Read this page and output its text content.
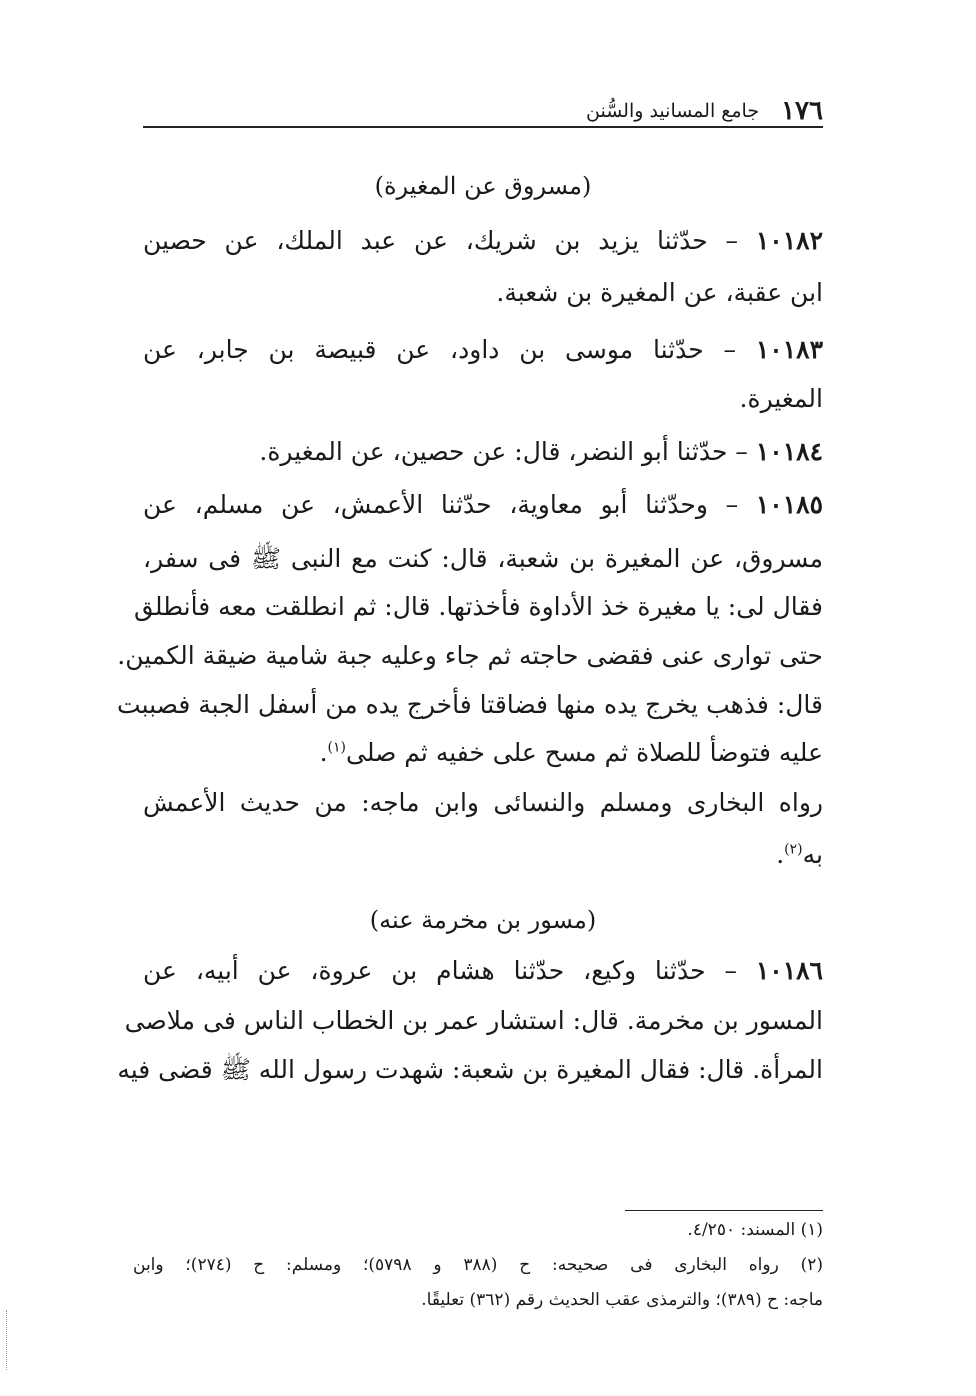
١٧٦
جامع المسانيد والسُّنن
(مسروق عن المغيرة)
١٠١٨٢ – حدّثنا يزيد بن شريك، عن عبد الملك، عن حصين
ابن عقبة، عن المغيرة بن شعبة.
١٠١٨٣ – حدّثنا موسى بن داود، عن قبيصة بن جابر، عن
المغيرة.
١٠١٨٤ – حدّثنا أبو النضر، قال: عن حصين، عن المغيرة.
١٠١٨٥ – وحدّثنا أبو معاوية، حدّثنا الأعمش، عن مسلم، عن
مسروق، عن المغيرة بن شعبة، قال: كنت مع النبى ﷺ فى سفر،
فقال لى: يا مغيرة خذ الأداوة فأخذتها. قال: ثم انطلقت معه فأنطلق
حتى توارى عنى فقضى حاجته ثم جاء وعليه جبة شامية ضيقة الكمين.
قال: فذهب يخرج يده منها فضاقتا فأخرج يده من أسفل الجبة فصببت
عليه فتوضأ للصلاة ثم مسح على خفيه ثم صلى$^{(١)}$.
رواه البخارى ومسلم والنسائى وابن ماجه: من حديث الأعمش
به$^{(٢)}$.
(مسور بن مخرمة عنه)
١٠١٨٦ – حدّثنا وكيع، حدّثنا هشام بن عروة، عن أبيه، عن
المسور بن مخرمة. قال: استشار عمر بن الخطاب الناس فى ملاصى
المرأة. قال: فقال المغيرة بن شعبة: شهدت رسول الله ﷺ قضى فيه
(١) المسند: ٤/٢٥٠.
(٢) رواه البخارى فى صحيحه: ح (٣٨٨ و ٥٧٩٨)؛ ومسلم: ح (٢٧٤)؛ وابن
ماجه: ح (٣٨٩)؛ والترمذى عقب الحديث رقم (٣٦٢) تعليقًا.
